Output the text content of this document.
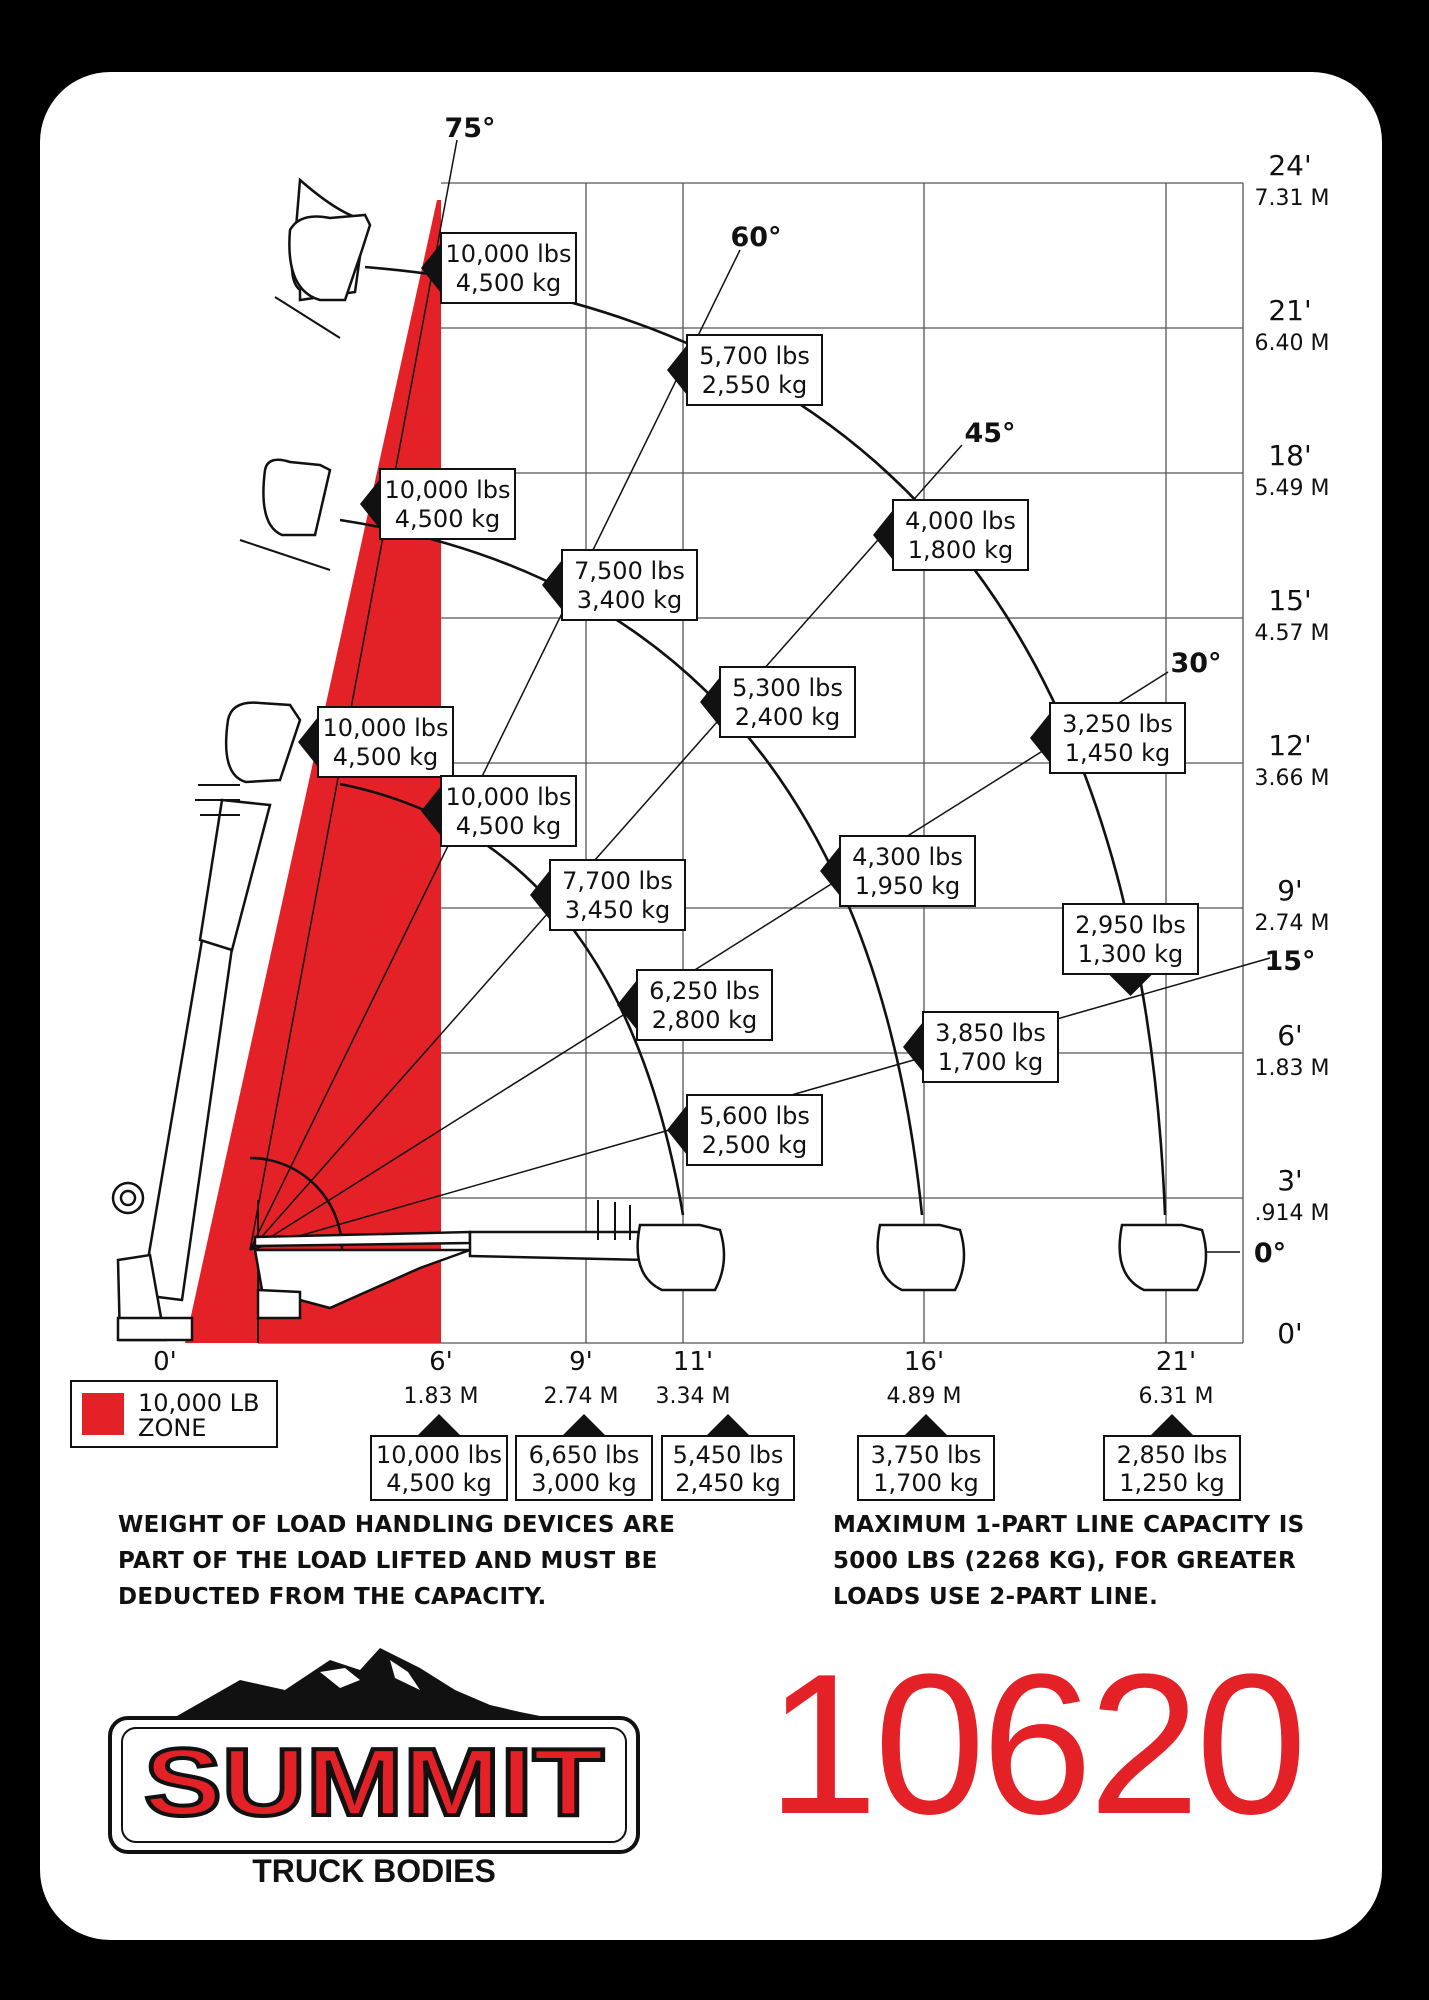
0'
3'
.914 M
6'
1.83 M
9'
2.74 M
12'
3.66 M
15'
4.57 M
18'
5.49 M
21'
6.40 M
24'
7.31 M
0'	6'
1.83 M
9'
2.74 M
11'
3.34 M
16'
4.89 M
21'
6.31 M
75°
60°
45°
30°
15°
0°
10,000 lbs
4,500 kg
5,700 lbs
2,550 kg
4,000 lbs
1,800 kg
10,000 lbs
4,500 kg
7,500 lbs
3,400 kg
5,300 lbs
2,400 kg	3,250 lbs
1,450 kg
10,000 lbs
4,500 kg
10,000 lbs
4,500 kg
4,300 lbs
1,950 kg
7,700 lbs
3,450 kg
2,950 lbs
1,300 kg
6,250 lbs
2,800 kg	3,850 lbs
1,700 kg
5,600 lbs
2,500 kg
10,000 lbs
4,500 kg
6,650 lbs
3,000 kg
5,450 lbs
2,450 kg
3,750 lbs
1,700 kg
2,850 lbs
1,250 kg
10,000 LB
ZONE
SUMMIT
TRUCK BODIES
WEIGHT OF LOAD HANDLING DEVICES ARE
PART OF THE LOAD LIFTED AND MUST BE
DEDUCTED FROM THE CAPACITY.
MAXIMUM 1-PART LINE CAPACITY IS
5000 LBS (2268 KG), FOR GREATER
LOADS USE 2-PART LINE.
10620
